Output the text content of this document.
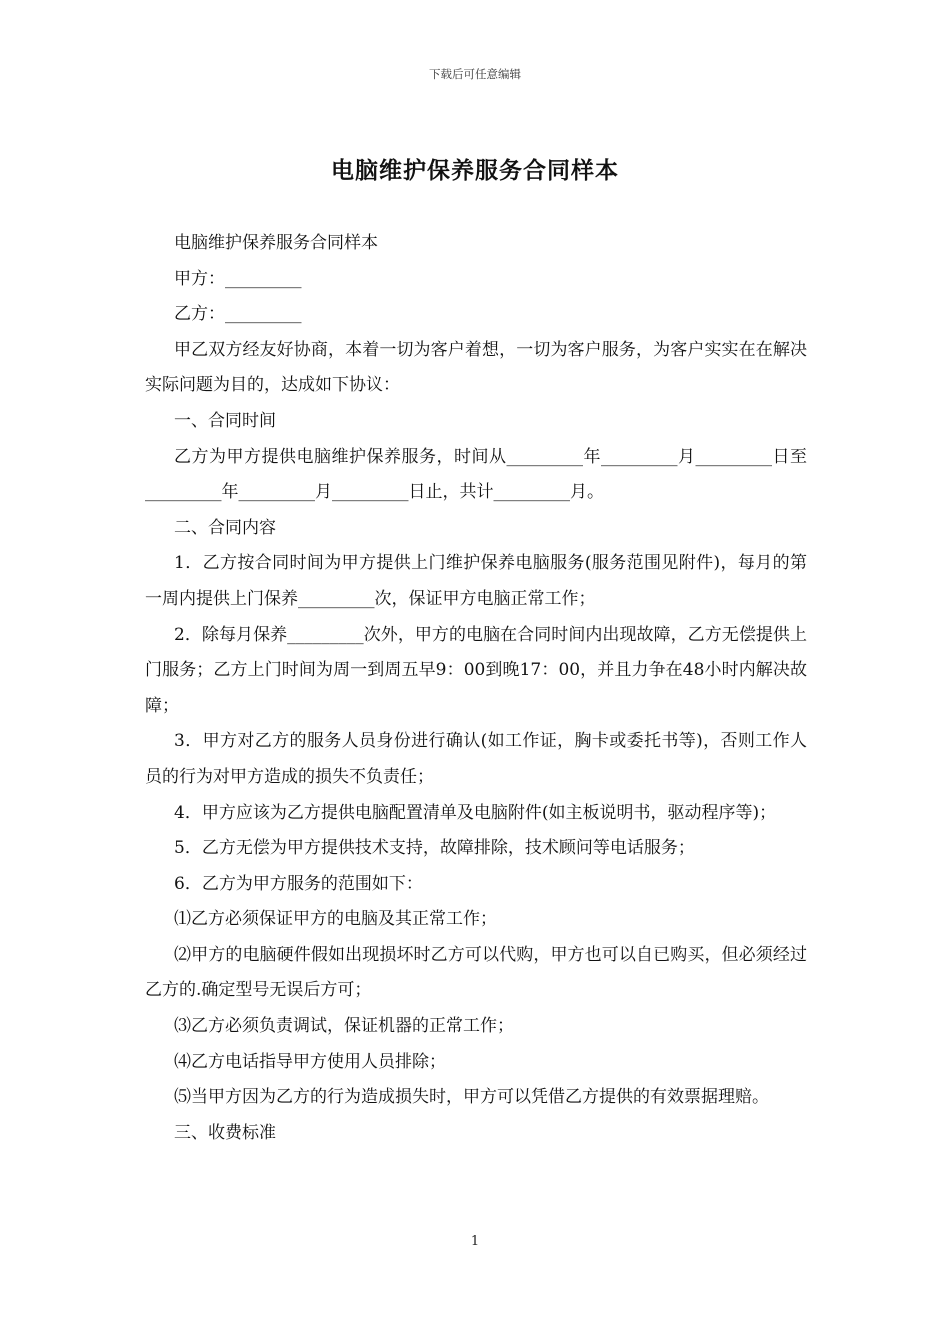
下载后可任意编辑
电脑维护保养服务合同样本

电脑维护保养服务合同样本

甲方：_________

乙方：_________

甲乙双方经友好协商，本着一切为客户着想，一切为客户服务，为客户实实在在解决实际问题为目的，达成如下协议：

一、合同时间

乙方为甲方提供电脑维护保养服务，时间从_________年_________月_________日至_________年_________月_________日止，共计_________月。

二、合同内容

1．乙方按合同时间为甲方提供上门维护保养电脑服务(服务范围见附件)，每月的第一周内提供上门保养_________次，保证甲方电脑正常工作；

2．除每月保养_________次外，甲方的电脑在合同时间内出现故障，乙方无偿提供上门服务；乙方上门时间为周一到周五早9：00到晚17：00，并且力争在48小时内解决故障；

3．甲方对乙方的服务人员身份进行确认(如工作证，胸卡或委托书等)，否则工作人员的行为对甲方造成的损失不负责任；

4．甲方应该为乙方提供电脑配置清单及电脑附件(如主板说明书，驱动程序等)；

5．乙方无偿为甲方提供技术支持，故障排除，技术顾问等电话服务；

6．乙方为甲方服务的范围如下：

⑴乙方必须保证甲方的电脑及其正常工作；

⑵甲方的电脑硬件假如出现损坏时乙方可以代购，甲方也可以自已购买，但必须经过乙方的.确定型号无误后方可；

⑶乙方必须负责调试，保证机器的正常工作；

⑷乙方电话指导甲方使用人员排除；

⑸当甲方因为乙方的行为造成损失时，甲方可以凭借乙方提供的有效票据理赔。

三、收费标准

1
